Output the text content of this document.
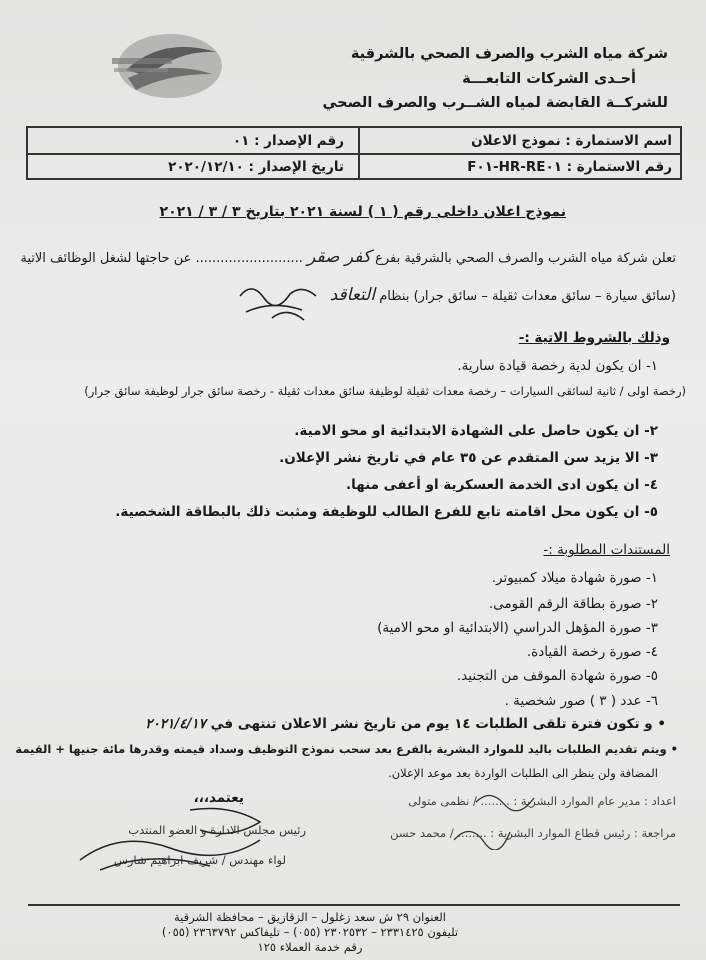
شركة مياه الشرب والصرف الصحي بالشرقية
أحـدى الشركات التابعـــة
للشركــة القابضة لمياه الشــرب والصرف الصحي
اسم الاستمارة : نموذج الاعلان
رقم الاستمارة : HR-RE٠١-F٠١
رقم الإصدار : ٠١
تاريخ الإصدار : ٢٠٢٠/١٢/١٠
نموذج اعلان داخلى رقم ( ١ ) لسنة ٢٠٢١ بتاريخ ٣ / ٣ / ٢٠٢١
تعلن شركة مياه الشرب والصرف الصحي بالشرقية بفرع كفر صقر .......................... عن حاجتها لشغل الوظائف الاتية
(سائق سيارة – سائق معدات ثقيلة – سائق جرار) بنظام التعاقد
وذلك بالشروط الاتية :-
١- ان يكون لدية رخصة قيادة سارية.
(رخصة اولى / ثانية لسائقى السيارات – رخصة معدات ثقيلة لوظيفة سائق معدات ثقيلة - رخصة سائق جرار لوظيفة سائق جرار)
٢- ان يكون حاصل على الشهادة الابتدائية او محو الامية.
٣- الا يزيد سن المتقدم عن ٣٥ عام في تاريخ نشر الإعلان.
٤- ان يكون ادى الخدمة العسكرية او أعفى منها.
٥- ان يكون محل اقامته تابع للفرع الطالب للوظيفة ومثبت ذلك بالبطاقة الشخصية.
المستندات المطلوبة :-
١- صورة شهادة ميلاد كمبيوتر.
٢- صورة بطاقة الرقم القومى.
٣- صورة المؤهل الدراسي (الابتدائية او محو الامية)
٤- صورة رخصة القيادة.
٥- صورة شهادة الموقف من التجنيد.
٦- عدد ( ٣ ) صور شخصية .
• و تكون فترة تلقى الطلبات ١٤ يوم من تاريخ نشر الاعلان تنتهى في ٢٠٢١/٤/١٧
• ويتم تقديم الطلبات باليد للموارد البشرية بالفرع بعد سحب نموذج التوظيف وسداد قيمته وقدرها مائة جنيها + القيمة
المضافة ولن ينظر الى الطلبات الواردة بعد موعد الإعلان.
اعداد : مدير عام الموارد البشرية : ........ / نظمى متولى
مراجعة : رئيس قطاع الموارد البشرية : ........ / محمد حسن
يعتمد،،،
رئيس مجلس الادارة و العضو المنتدب
لواء مهندس / شريف ابراهيم شارس
العنوان ٢٩ ش سعد زغلول – الزقازيق – محافظة الشرقية
تليفون ٢٣٣١٤٢٥ – ٢٣٠٢٥٣٢ (٠٥٥) – تليفاكس ٢٣٦٣٧٩٢ (٠٥٥)
رقم خدمة العملاء ١٢٥
